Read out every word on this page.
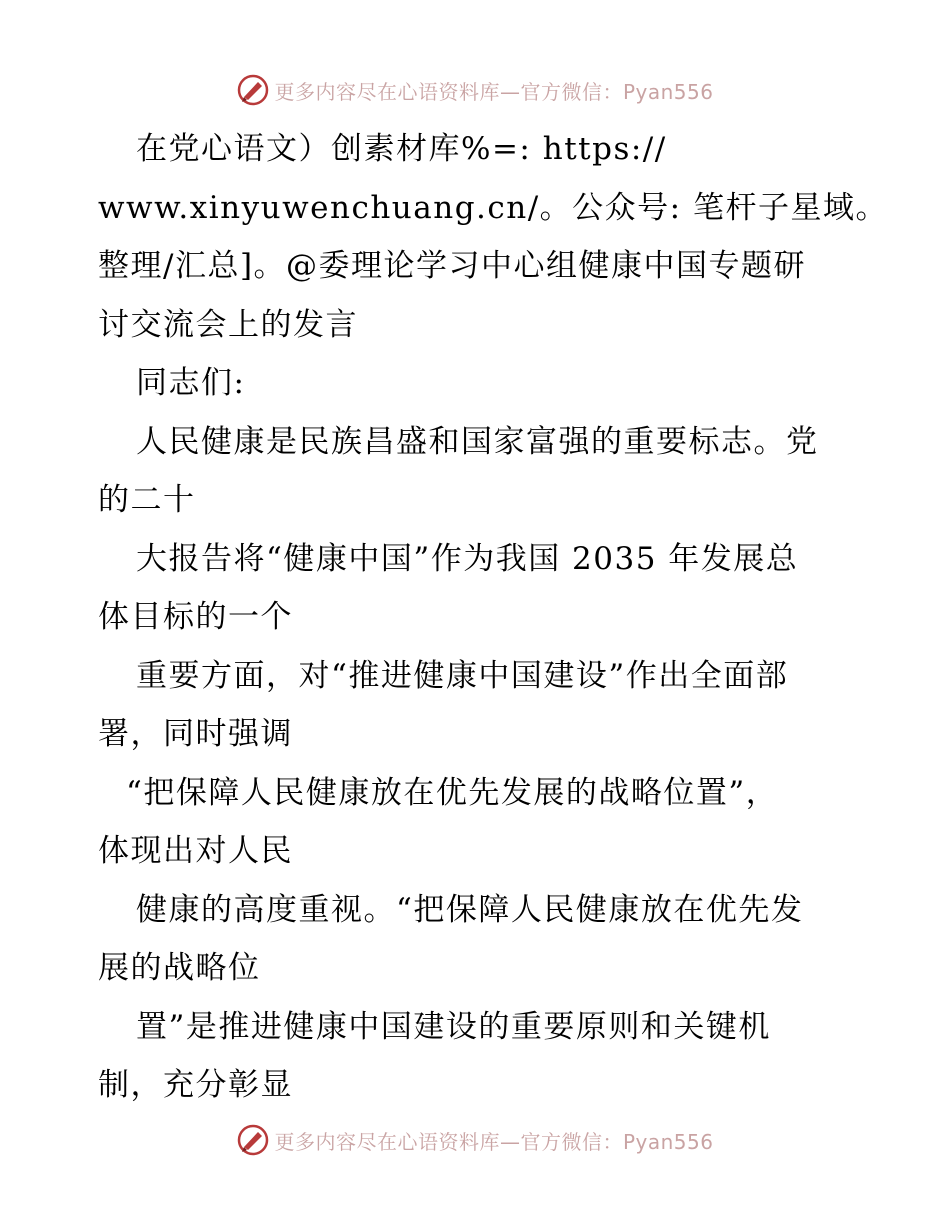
更多内容尽在心语资料库—官方微信：Pyan556
在党心语文）创素材库%=: https://
www.xinyuwenchuang.cn/。公众号: 笔杆子星域。
整理/汇总]。@委理论学习中心组健康中国专题研
讨交流会上的发言
同志们:
人民健康是民族昌盛和国家富强的重要标志。党
的二十
大报告将“健康中国”作为我国 2035 年发展总
体目标的一个
重要方面，对“推进健康中国建设”作出全面部
署，同时强调
“把保障人民健康放在优先发展的战略位置”，
体现出对人民
健康的高度重视。“把保障人民健康放在优先发
展的战略位
置”是推进健康中国建设的重要原则和关键机
制，充分彰显
更多内容尽在心语资料库—官方微信：Pyan556
